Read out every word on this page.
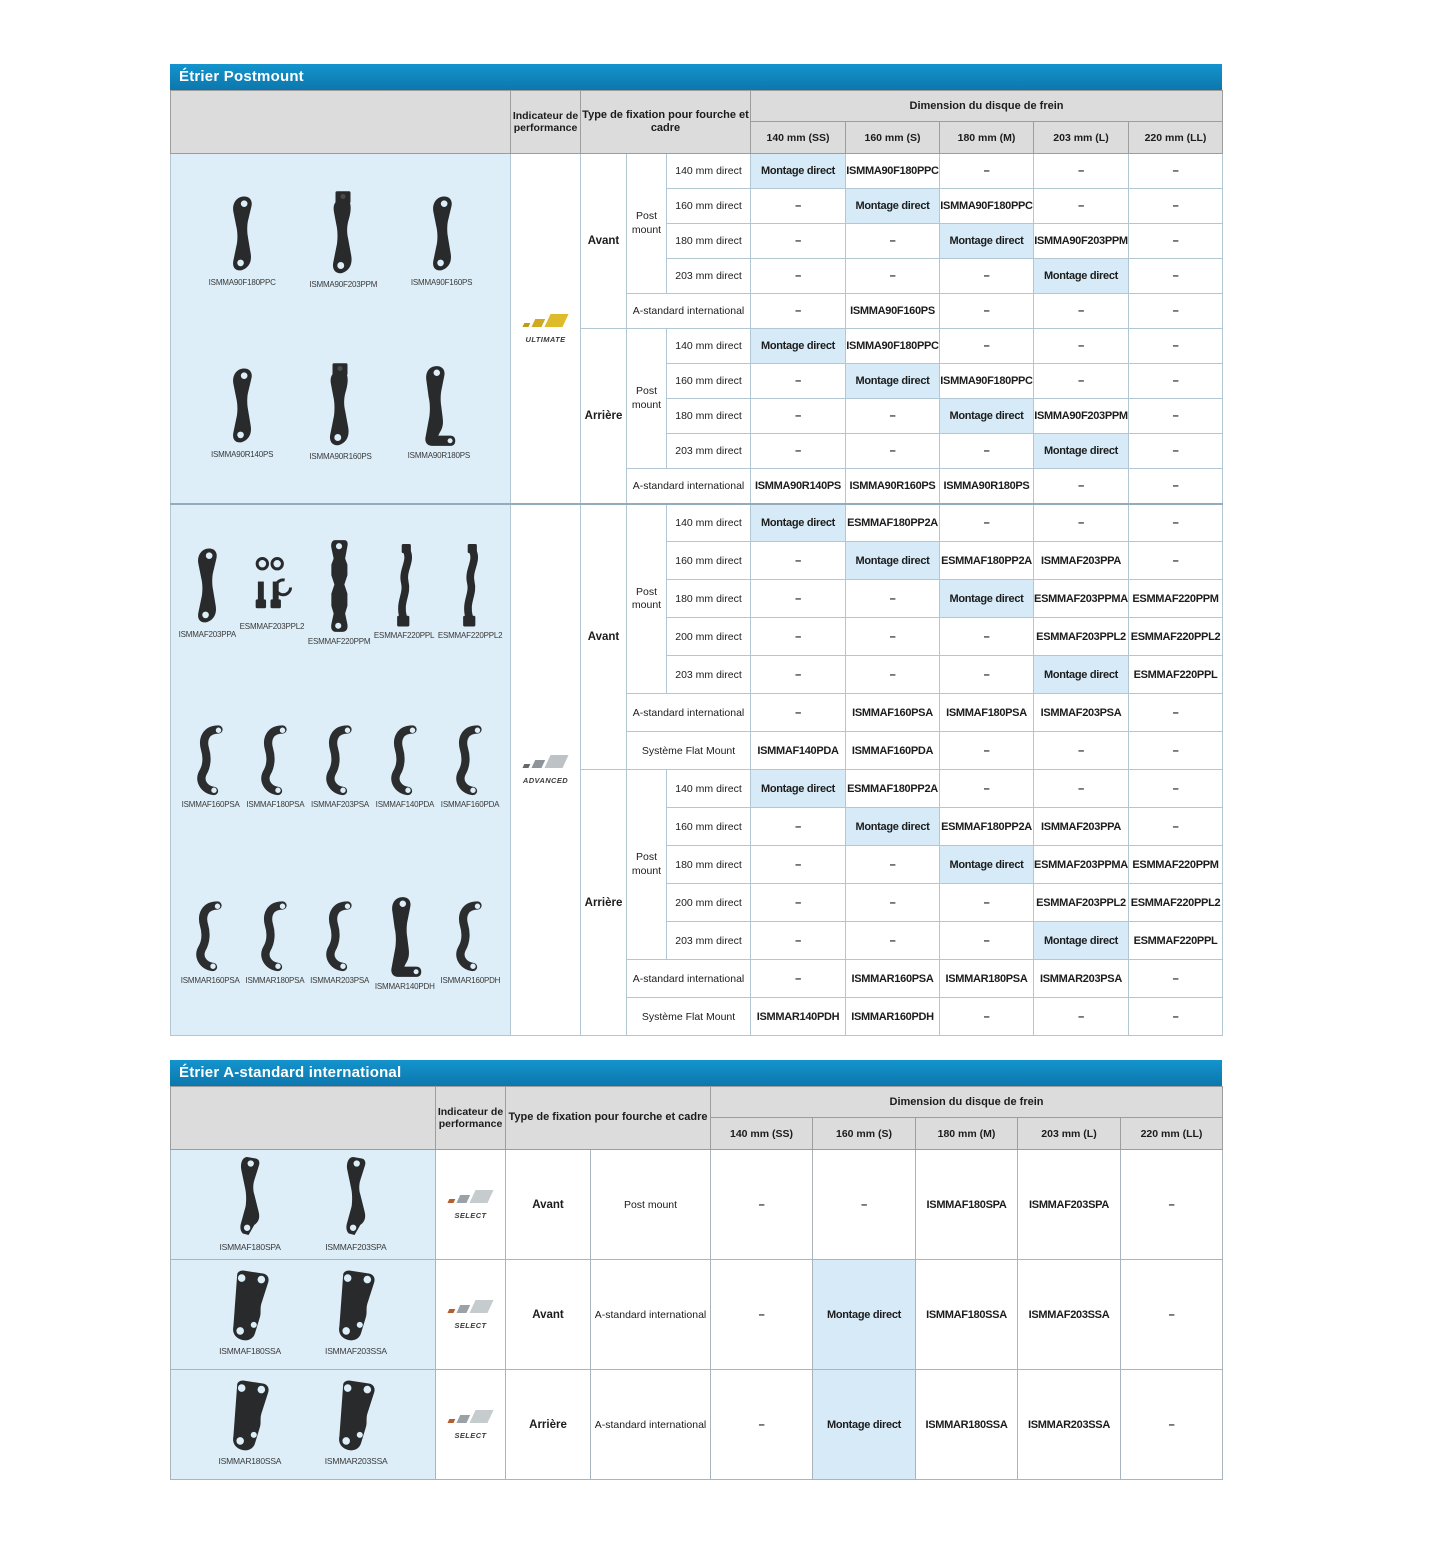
Étrier Postmount
	Indicateur de performance	Type de fixation pour fourche et cadre			Dimension du disque de frein				
					140 mm (SS)	160 mm (S)	180 mm (M)	203 mm (L)	220 mm (LL)

ISMMA90F180PPC	ISMMA90F203PPM	ISMMA90F160PS
ISMMA90R140PS	ISMMA90R160PS	ISMMA90R180PS

ULTIMATE
	Avant	Post mount	140 mm direct	Montage direct	ISMMA90F180PPC	–	–	–
				160 mm direct	–	Montage direct	ISMMA90F180PPC	–	–
				180 mm direct	–	–	Montage direct	ISMMA90F203PPM	–
				203 mm direct	–	–	–	Montage direct	–
			A-standard international		–	ISMMA90F160PS	–	–	–
		Arrière	Post mount	140 mm direct	Montage direct	ISMMA90F180PPC	–	–	–
				160 mm direct	–	Montage direct	ISMMA90F180PPC	–	–
				180 mm direct	–	–	Montage direct	ISMMA90F203PPM	–
				203 mm direct	–	–	–	Montage direct	–
			A-standard international		ISMMA90R140PS	ISMMA90R160PS	ISMMA90R180PS	–	–

ISMMAF203PPA
ESMMAF203PPL2
ESMMAF220PPM
ESMMAF220PPL ESMMAF220PPL2
ISMMAF160PSA ISMMAF180PSA ISMMAF203PSA ISMMAF140PDA ISMMAF160PDA
ISMMAR160PSA ISMMAR180PSA ISMMAR203PSA
ISMMAR140PDH
ISMMAR160PDH

ADVANCED
	Avant	Post mount	140 mm direct	Montage direct	ESMMAF180PP2A	–	–	–
				160 mm direct	–	Montage direct	ESMMAF180PP2A	ISMMAF203PPA	–
				180 mm direct	–	–	Montage direct	ESMMAF203PPMA	ESMMAF220PPM
				200 mm direct	–	–	–	ESMMAF203PPL2	ESMMAF220PPL2
				203 mm direct	–	–	–	Montage direct	ESMMAF220PPL
			A-standard international		–	ISMMAF160PSA	ISMMAF180PSA	ISMMAF203PSA	–
			Système Flat Mount		ISMMAF140PDA	ISMMAF160PDA	–	–	–
		Arrière	Post mount	140 mm direct	Montage direct	ESMMAF180PP2A	–	–	–
				160 mm direct	–	Montage direct	ESMMAF180PP2A	ISMMAF203PPA	–
				180 mm direct	–	–	Montage direct	ESMMAF203PPMA	ESMMAF220PPM
				200 mm direct	–	–	–	ESMMAF203PPL2	ESMMAF220PPL2
				203 mm direct	–	–	–	Montage direct	ESMMAF220PPL
			A-standard international		–	ISMMAR160PSA	ISMMAR180PSA	ISMMAR203PSA	–
			Système Flat Mount		ISMMAR140PDH	ISMMAR160PDH	–	–	–
Étrier A-standard international
	Indicateur de performance	Type de fixation pour fourche et cadre		Dimension du disque de frein				
				140 mm (SS)	160 mm (S)	180 mm (M)	203 mm (L)	220 mm (LL)

ISMMAF180SPA ISMMAF203SPA	SELECT	Avant	Post mount	–	–	ISMMAF180SPA	ISMMAF203SPA	–

ISMMAF180SSA ISMMAF203SSA	SELECT	Avant	A-standard international	–	Montage direct	ISMMAF180SSA	ISMMAF203SSA	–

ISMMAR180SSA ISMMAR203SSA	SELECT	Arrière	A-standard international	–	Montage direct	ISMMAR180SSA	ISMMAR203SSA	–
